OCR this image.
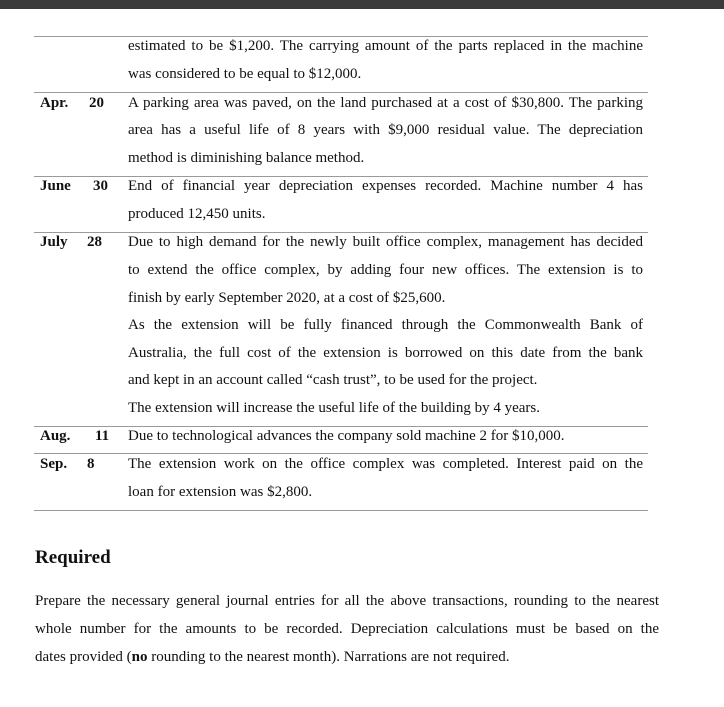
estimated to be $1,200. The carrying amount of the parts replaced in the machine
was considered to be equal to $12,000.
Apr. 20 A parking area was paved, on the land purchased at a cost of $30,800. The parking
area has a useful life of 8 years with $9,000 residual value. The depreciation
method is diminishing balance method.
June 30 End of financial year depreciation expenses recorded. Machine number 4 has
produced 12,450 units.
July 28 Due to high demand for the newly built office complex, management has decided
to extend the office complex, by adding four new offices. The extension is to
finish by early September 2020, at a cost of $25,600.
As the extension will be fully financed through the Commonwealth Bank of
Australia, the full cost of the extension is borrowed on this date from the bank
and kept in an account called “cash trust”, to be used for the project.
The extension will increase the useful life of the building by 4 years.
Aug. 11 Due to technological advances the company sold machine 2 for $10,000.
Sep. 8 The extension work on the office complex was completed. Interest paid on the
loan for extension was $2,800.
Required
Prepare the necessary general journal entries for all the above transactions, rounding to the nearest
whole number for the amounts to be recorded. Depreciation calculations must be based on the
dates provided (no rounding to the nearest month). Narrations are not required.
